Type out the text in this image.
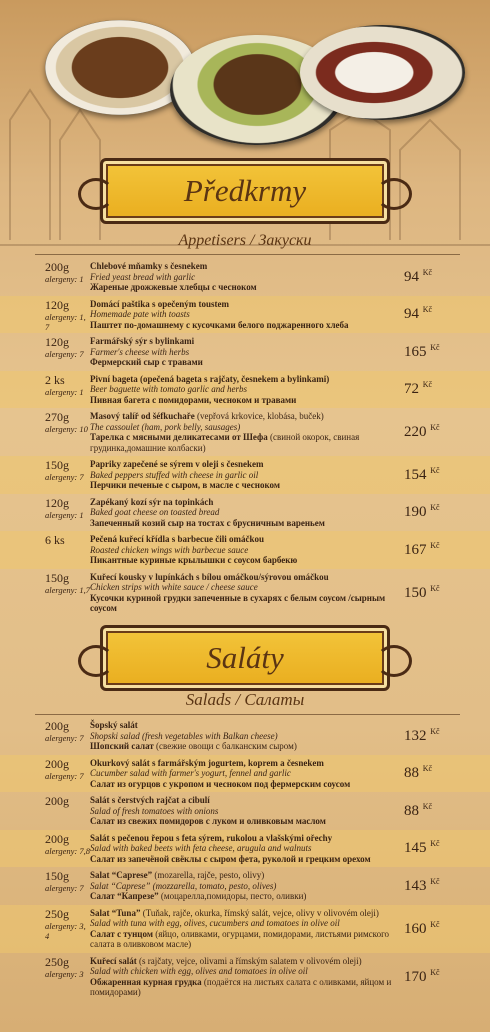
Předkrmy
Appetisers / Закуски
200g
alergeny: 1
Chlebové mňamky s česnekem
Fried yeast bread with garlic
Жареные дрожжевые хлебцы с чесноком
94 $^{Kč}$
120g
alergeny: 1, 7
Domácí paštika s opečeným toustem
Homemade pate with toasts
Паштет по-домашнему с кусочками белого поджаренного хлеба
94 $^{Kč}$
120g
alergeny: 7
Farmářský sýr s bylinkami
Farmer's cheese with herbs
Фермерский сыр с травами
165 $^{Kč}$
2 ks
alergeny: 1
Pivní bageta (opečená bageta s rajčaty, česnekem a bylinkami)
Beer baguette with tomato garlic and herbs
Пивная багета с помидорами, чесноком и травами
72 $^{Kč}$
270g
alergeny: 10
Masový talíř od šéfkuchaře (vepřová krkovice, klobása, buček)
The cassoulet (ham, pork belly, sausages)
Тарелка с мясными деликатесами от Шефа (свиной окорок, свиная грудинка,домашние колбаски)
220 $^{Kč}$
150g
alergeny: 7
Papriky zapečené se sýrem v oleji s česnekem
Baked peppers stuffed with cheese in garlic oil
Перчики печеные с сыром, в масле с чесноком
154 $^{Kč}$
120g
alergeny: 1
Zapékaný kozí sýr na topinkách
Baked goat cheese on toasted bread
Запеченный козий сыр на тостах с брусничным вареньем
190 $^{Kč}$
6 ks	Pečená kuřecí křídla s barbecue čili omáčkou
Roasted chicken wings with barbecue sauce
Пикантные куриные крылышки с соусом барбекю
167 $^{Kč}$
150g
alergeny: 1,7
Kuřecí kousky v lupínkách s bílou omáčkou/sýrovou omáčkou
Chicken strips with white sauce / cheese sauce
Кусочки куриной грудки запеченные в сухарях с белым соусом /сырным соусом
150 $^{Kč}$
Saláty
Salads / Салаты
200g
alergeny: 7
Šopský salát
Shopski salad (fresh vegetables with Balkan cheese)
Шопский салат (свежие овощи с балканским сыром)
132 $^{Kč}$
200g
alergeny: 7
Okurkový salát s farmářským jogurtem, koprem a česnekem
Cucumber salad with farmer's yogurt, fennel and garlic
Салат из огурцов с укропом и чесноком под фермерским соусом
88 $^{Kč}$
200g	Salát s čerstvých rajčat a cibulí
Salad of fresh tomatoes with onions
Салат из свежих помидоров с луком и оливковым маслом
88 $^{Kč}$
200g
alergeny: 7,8
Salát s pečenou řepou s feta sýrem, rukolou a vlašskými ořechy
Salad with baked beets with feta cheese, arugula and walnuts
Салат из запечёной свёклы с сыром фета, руколой и грецким орехом
145 $^{Kč}$
150g
alergeny: 7
Salat “Caprese” (mozarella, rajče, pesto, olivy)
Salat “Caprese” (mozzarella, tomato, pesto, olives)
Салат “Капрезе” (моцарелла,помидоры, песто, оливки)
143 $^{Kč}$
250g
alergeny: 3, 4
Salat “Tuna” (Tuňak, rajče, okurka, římský salát, vejce, olivy v olivovém oleji)
Salad with tuna with egg, olives, cucumbers and tomatoes in olive oil
Салат с тунцом (яйцо, оливками, огурцами, помидорами, листьями римского салата в оливковом масле)
160 $^{Kč}$
250g
alergeny: 3
Kuřecí salát (s rajčaty, vejce, olivami a římským salatem v olivovém oleji)
Salad with chicken with egg, olives and tomatoes in olive oil
Обжаренная курная грудка (подаётся на листьях салата с оливками, яйцом и помидорами)
170 $^{Kč}$
